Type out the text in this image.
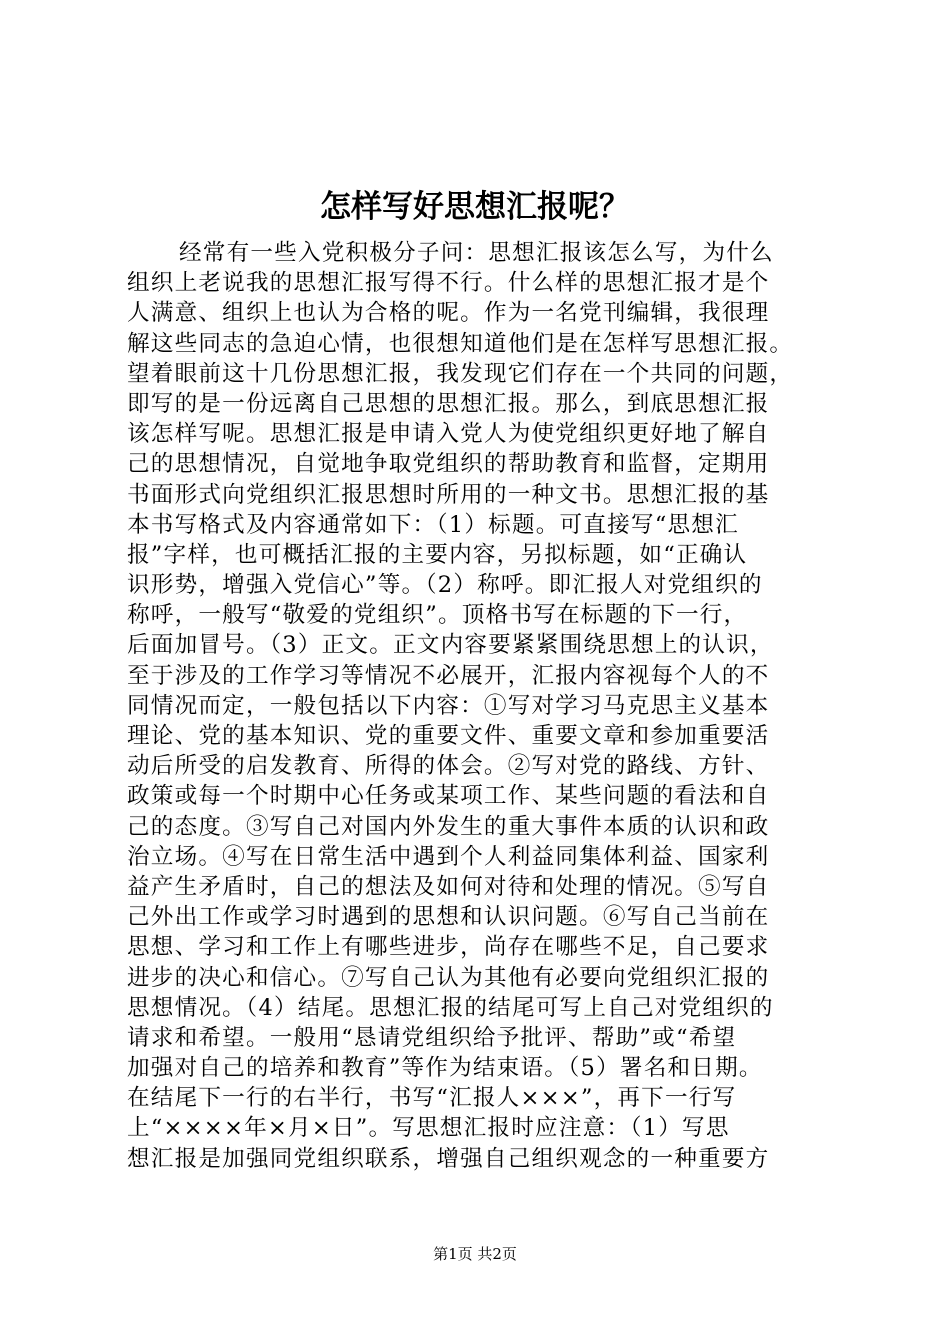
怎样写好思想汇报呢？
经常有一些入党积极分子问：思想汇报该怎么写，为什么
组织上老说我的思想汇报写得不行。什么样的思想汇报才是个
人满意、组织上也认为合格的呢。作为一名党刊编辑，我很理
解这些同志的急迫心情，也很想知道他们是在怎样写思想汇报。
望着眼前这十几份思想汇报，我发现它们存在一个共同的问题，
即写的是一份远离自己思想的思想汇报。那么，到底思想汇报
该怎样写呢。思想汇报是申请入党人为使党组织更好地了解自
己的思想情况，自觉地争取党组织的帮助教育和监督，定期用
书面形式向党组织汇报思想时所用的一种文书。思想汇报的基
本书写格式及内容通常如下：（1）标题。可直接写“思想汇
报”字样，也可概括汇报的主要内容，另拟标题，如“正确认
识形势，增强入党信心”等。（2）称呼。即汇报人对党组织的
称呼，一般写“敬爱的党组织”。顶格书写在标题的下一行，
后面加冒号。（3）正文。正文内容要紧紧围绕思想上的认识，
至于涉及的工作学习等情况不必展开，汇报内容视每个人的不
同情况而定，一般包括以下内容：①写对学习马克思主义基本
理论、党的基本知识、党的重要文件、重要文章和参加重要活
动后所受的启发教育、所得的体会。②写对党的路线、方针、
政策或每一个时期中心任务或某项工作、某些问题的看法和自
己的态度。③写自己对国内外发生的重大事件本质的认识和政
治立场。④写在日常生活中遇到个人利益同集体利益、国家利
益产生矛盾时，自己的想法及如何对待和处理的情况。⑤写自
己外出工作或学习时遇到的思想和认识问题。⑥写自己当前在
思想、学习和工作上有哪些进步，尚存在哪些不足，自己要求
进步的决心和信心。⑦写自己认为其他有必要向党组织汇报的
思想情况。（4）结尾。思想汇报的结尾可写上自己对党组织的
请求和希望。一般用“恳请党组织给予批评、帮助”或“希望
加强对自己的培养和教育”等作为结束语。（5）署名和日期。
在结尾下一行的右半行，书写“汇报人×××”，再下一行写
上“××××年×月×日”。写思想汇报时应注意：（1）写思
想汇报是加强同党组织联系，增强自己组织观念的一种重要方
第1页 共2页
